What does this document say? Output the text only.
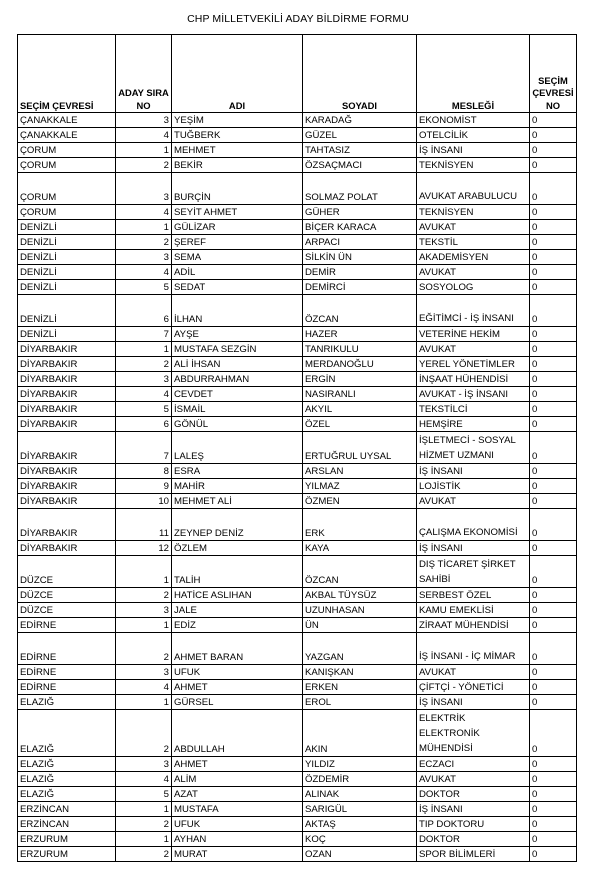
CHP MİLLETVEKİLİ ADAY BİLDİRME FORMU
SEÇİM ÇEVRESİ	ADAY SIRA NO	ADI	SOYADI	MESLEĞİ	SEÇİM ÇEVRESİ NO
ÇANAKKALE	3	YEŞİM	KARADAĞ	EKONOMİST	0
ÇANAKKALE	4	TUĞBERK	GÜZEL	OTELCİLİK	0
ÇORUM	1	MEHMET	TAHTASIZ	İŞ İNSANI	0
ÇORUM	2	BEKİR	ÖZSAÇMACI	TEKNİSYEN	0
ÇORUM	3	BURÇİN	SOLMAZ POLAT	AVUKAT ARABULUCU	0
ÇORUM	4	SEYİT AHMET	GÜHER	TEKNİSYEN	0
DENİZLİ	1	GÜLİZAR	BİÇER KARACA	AVUKAT	0
DENİZLİ	2	ŞEREF	ARPACI	TEKSTİL	0
DENİZLİ	3	SEMA	SİLKİN ÜN	AKADEMİSYEN	0
DENİZLİ	4	ADİL	DEMİR	AVUKAT	0
DENİZLİ	5	SEDAT	DEMİRCİ	SOSYOLOG	0
DENİZLİ	6	İLHAN	ÖZCAN	EĞİTİMCİ - İŞ İNSANI	0
DENİZLİ	7	AYŞE	HAZER	VETERİNE HEKİM	0
DİYARBAKIR	1	MUSTAFA SEZGİN	TANRIKULU	AVUKAT	0
DİYARBAKIR	2	ALİ İHSAN	MERDANOĞLU	YEREL YÖNETİMLER	0
DİYARBAKIR	3	ABDURRAHMAN	ERGİN	İNŞAAT HÜHENDİSİ	0
DİYARBAKIR	4	CEVDET	NASIRANLI	AVUKAT - İŞ İNSANI	0
DİYARBAKIR	5	İSMAİL	AKYIL	TEKSTİLCİ	0
DİYARBAKIR	6	GÖNÜL	ÖZEL	HEMŞİRE	0
DİYARBAKIR	7	LALEŞ	ERTUĞRUL UYSAL	İŞLETMECİ - SOSYAL HİZMET UZMANI	0
DİYARBAKIR	8	ESRA	ARSLAN	İŞ İNSANI	0
DİYARBAKIR	9	MAHİR	YILMAZ	LOJİSTİK	0
DİYARBAKIR	10	MEHMET ALİ	ÖZMEN	AVUKAT	0
DİYARBAKIR	11	ZEYNEP DENİZ	ERK	ÇALIŞMA EKONOMİSİ	0
DİYARBAKIR	12	ÖZLEM	KAYA	İŞ İNSANI	0
DÜZCE	1	TALİH	ÖZCAN	DIŞ TİCARET ŞİRKET SAHİBİ	0
DÜZCE	2	HATİCE ASLIHAN	AKBAL TÜYSÜZ	SERBEST ÖZEL	0
DÜZCE	3	JALE	UZUNHASAN	KAMU EMEKLİSİ	0
EDİRNE	1	EDİZ	ÜN	ZİRAAT MÜHENDİSİ	0
EDİRNE	2	AHMET BARAN	YAZGAN	İŞ İNSANI - İÇ MİMAR	0
EDİRNE	3	UFUK	KANIŞKAN	AVUKAT	0
EDİRNE	4	AHMET	ERKEN	ÇİFTÇİ - YÖNETİCİ	0
ELAZIĞ	1	GÜRSEL	EROL	İŞ İNSANI	0
ELAZIĞ	2	ABDULLAH	AKIN	ELEKTRİK ELEKTRONİK MÜHENDİSİ	0
ELAZIĞ	3	AHMET	YILDIZ	ECZACI	0
ELAZIĞ	4	ALİM	ÖZDEMİR	AVUKAT	0
ELAZIĞ	5	AZAT	ALINAK	DOKTOR	0
ERZİNCAN	1	MUSTAFA	SARIGÜL	İŞ İNSANI	0
ERZİNCAN	2	UFUK	AKTAŞ	TIP DOKTORU	0
ERZURUM	1	AYHAN	KOÇ	DOKTOR	0
ERZURUM	2	MURAT	OZAN	SPOR BİLİMLERİ	0
